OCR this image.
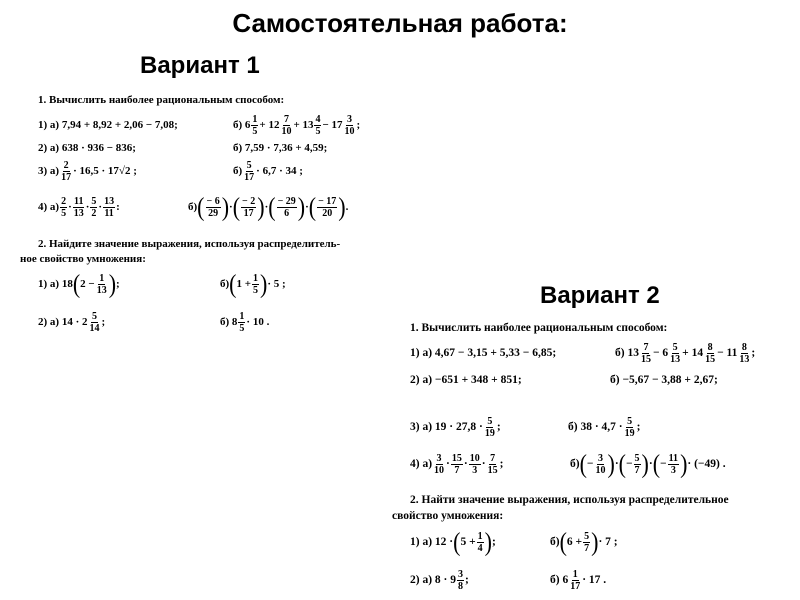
Самостоятельная работа:
Вариант 1
1. Вычислить наиболее рациональным способом:
1) а) 7,94 + 8,92 + 2,06 − 7,08;	б) $6 \frac{1}{5} + 12 \frac{7}{10} + 13 \frac{4}{5} - 17 \frac{3}{10}$ ;
2) а) 638 · 936 − 836;	б) 7,59 · 7,36 + 4,59;
3) $а) \frac{2}{17} \cdot 16,5 \cdot 17√2$ ;	$б) \frac{5}{17} \cdot 6,7 \cdot 34$ ;
4) $а) \frac{2}{5} \cdot \frac{11}{13} \cdot \frac{5}{2} \cdot \frac{13}{11}$ :	б) ( $\frac{- 6}{29}$ ) · ( $\frac{- 2}{17}$ ) · ( $\frac{- 29}{6}$ ) · ( $\frac{- 17}{20}$ ) .
2. Найдите значение выражения, используя распределитель-
ное свойство умножения:
1) а) 18 ( $2 - \frac{1}{13}$ ) ;	б) ( $1 + \frac{1}{5}$ ) · 5 ;
2) а) $14 \cdot 2 \frac{5}{14}$ ;	б) $8 \frac{1}{5} \cdot 10$ .
Вариант 2
1. Вычислить наиболее рациональным способом:
1) а) 4,67 − 3,15 + 5,33 − 6,85;	б) $13 \frac{7}{15} - 6 \frac{5}{13} + 14 \frac{8}{15} - 11 \frac{8}{13}$ ;
2) а) −651 + 348 + 851;	б) −5,67 − 3,88 + 2,67;
3) а) $19 \cdot 27,8 \cdot \frac{5}{19}$ ;	б) $38 \cdot 4,7 \cdot \frac{5}{19}$ ;
4) $а) \frac{3}{10} \cdot \frac{15}{7} \cdot \frac{10}{3} \cdot \frac{7}{15}$ ;	б) ( − $\frac{3}{10}$ ) · ( − $\frac{5}{7}$ ) · ( − $\frac{11}{3}$ ) · (−49) .
2. Найти значение выражения, используя распределительное
свойство умножения:
1) а) 12 · ( $5 + \frac{1}{4}$ ) ;	б) ( $6 + \frac{5}{7}$ ) · 7 ;
2) а) $8 \cdot 9 \frac{3}{8}$ ;	б) $6 \frac{1}{17} \cdot 17$ .
